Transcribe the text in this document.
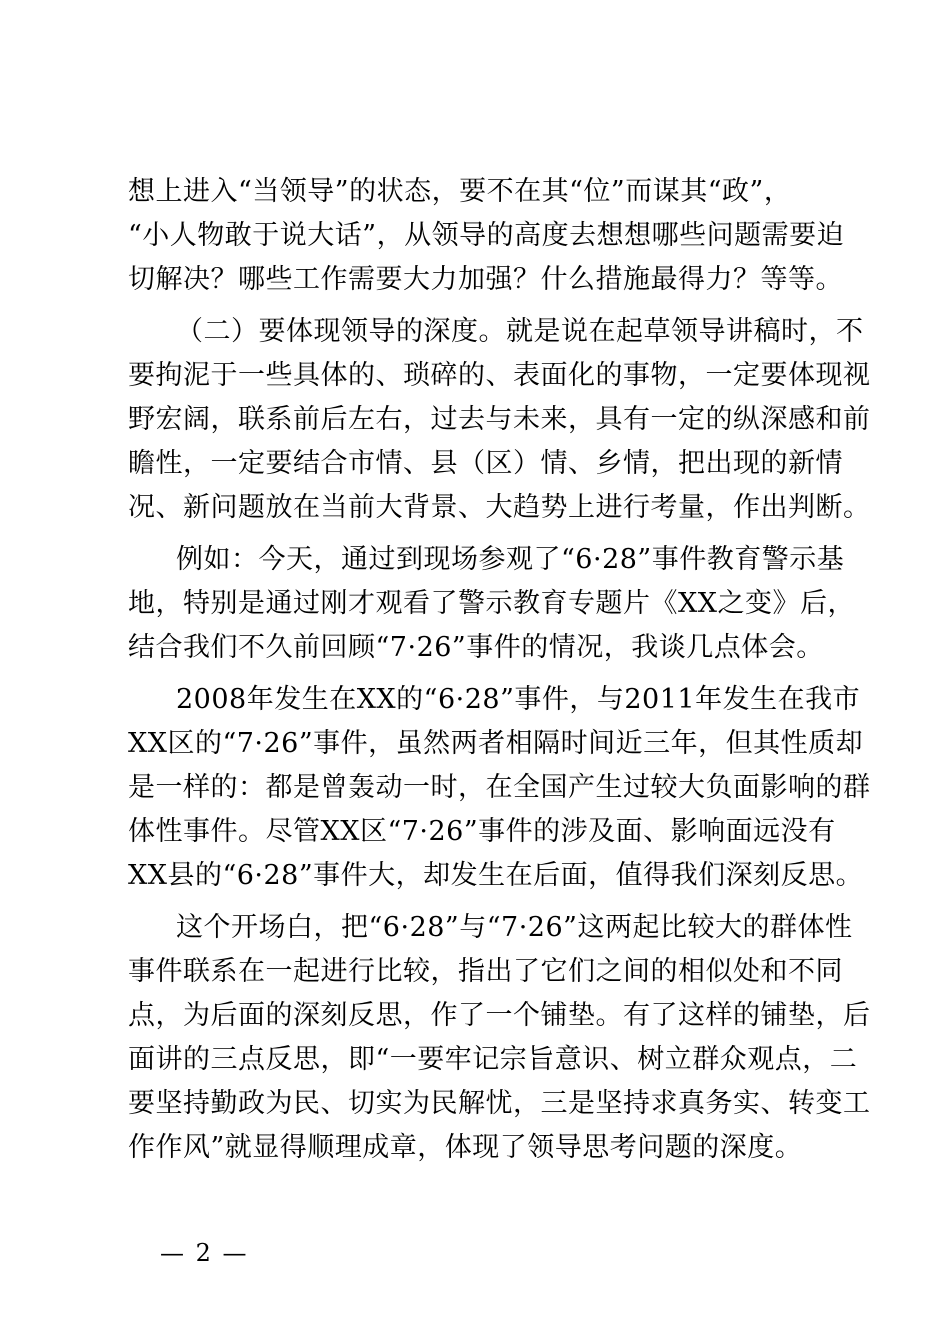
想上进入“当领导”的状态，要不在其“位”而谋其“政”，
“小人物敢于说大话”，从领导的高度去想想哪些问题需要迫
切解决？哪些工作需要大力加强？什么措施最得力？等等。
（二）要体现领导的深度。就是说在起草领导讲稿时，不
要拘泥于一些具体的、琐碎的、表面化的事物，一定要体现视
野宏阔，联系前后左右，过去与未来，具有一定的纵深感和前
瞻性，一定要结合市情、县（区）情、乡情，把出现的新情
况、新问题放在当前大背景、大趋势上进行考量，作出判断。
例如：今天，通过到现场参观了“6·28”事件教育警示基
地，特别是通过刚才观看了警示教育专题片《XX之变》后，
结合我们不久前回顾“7·26”事件的情况，我谈几点体会。
2008年发生在XX的“6·28”事件，与2011年发生在我市
XX区的“7·26”事件，虽然两者相隔时间近三年，但其性质却
是一样的：都是曾轰动一时，在全国产生过较大负面影响的群
体性事件。尽管XX区“7·26”事件的涉及面、影响面远没有
XX县的“6·28”事件大，却发生在后面，值得我们深刻反思。
这个开场白，把“6·28”与“7·26”这两起比较大的群体性
事件联系在一起进行比较，指出了它们之间的相似处和不同
点，为后面的深刻反思，作了一个铺垫。有了这样的铺垫，后
面讲的三点反思，即“一要牢记宗旨意识、树立群众观点，二
要坚持勤政为民、切实为民解忧，三是坚持求真务实、转变工
作作风”就显得顺理成章，体现了领导思考问题的深度。
— 2 —
